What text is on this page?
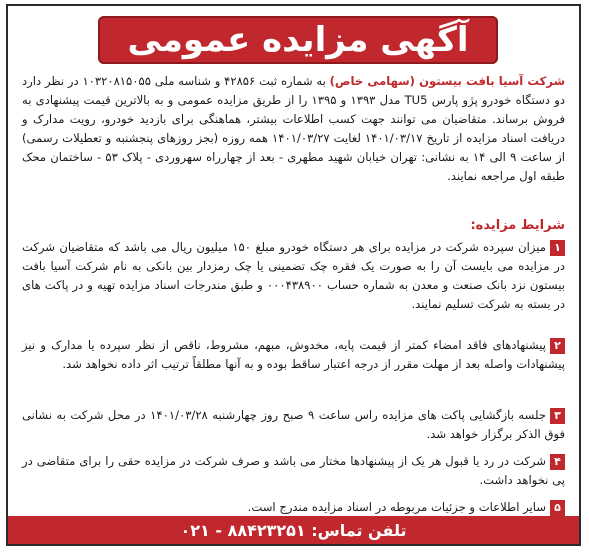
آگهی مزایده عمومی
شرکت آسیا بافت بیستون (سهامی خاص) به شماره ثبت ۴۲۸۵۶ و شناسه ملی ۱۰۳۲۰۸۱۵۰۵۵ در نظر دارد دو دستگاه خودرو پژو پارس TU5 مدل ۱۳۹۳ و ۱۳۹۵ را از طریق مزایده عمومی و به بالاترین قیمت پیشنهادی به فروش برساند. متقاضیان می توانند جهت کسب اطلاعات بیشتر، هماهنگی برای بازدید خودرو، رویت مدارک و دریافت اسناد مزایده از تاریخ ۱۴۰۱/۰۳/۱۷ لغایت ۱۴۰۱/۰۳/۲۷ همه روزه (بجز روزهای پنجشنبه و تعطیلات رسمی) از ساعت ۹ الی ۱۴ به نشانی: تهران خیابان شهید مطهری - بعد از چهارراه سهروردی - پلاک ۵۳ - ساختمان محک طبقه اول مراجعه نمایند.
شرایط مزایده:
۱میزان سپرده شرکت در مزایده برای هر دستگاه خودرو مبلغ ۱۵۰ میلیون ریال می باشد که متقاضیان شرکت در مزایده می بایست آن را به صورت یک فقره چک تضمینی یا چک رمزدار بین بانکی به نام شرکت آسیا بافت بیستون نزد بانک صنعت و معدن به شماره حساب ۰۰۰۴۳۸۹۰۰ و طبق مندرجات اسناد مزایده تهیه و در پاکت های در بسته به شرکت تسلیم نمایند.
۲پیشنهادهای فاقد امضاء کمتر از قیمت پایه، مخدوش، مبهم، مشروط، ناقص از نظر سپرده یا مدارک و نیز پیشنهادات واصله بعد از مهلت مقرر از درجه اعتبار ساقط بوده و به آنها مطلقاً ترتیب اثر داده نخواهد شد.
۳جلسه بازگشایی پاکت های مزایده راس ساعت ۹ صبح روز چهارشنبه ۱۴۰۱/۰۳/۲۸ در محل شرکت به نشانی فوق الذکر برگزار خواهد شد.
۴شرکت در رد یا قبول هر یک از پیشنهادها مختار می باشد و صرف شرکت در مزایده حقی را برای متقاضی در پی نخواهد داشت.
۵سایر اطلاعات و جزئیات مربوطه در اسناد مزایده مندرج است.
تلفن تماس: ۸۸۴۲۳۲۵۱ - ۰۲۱
